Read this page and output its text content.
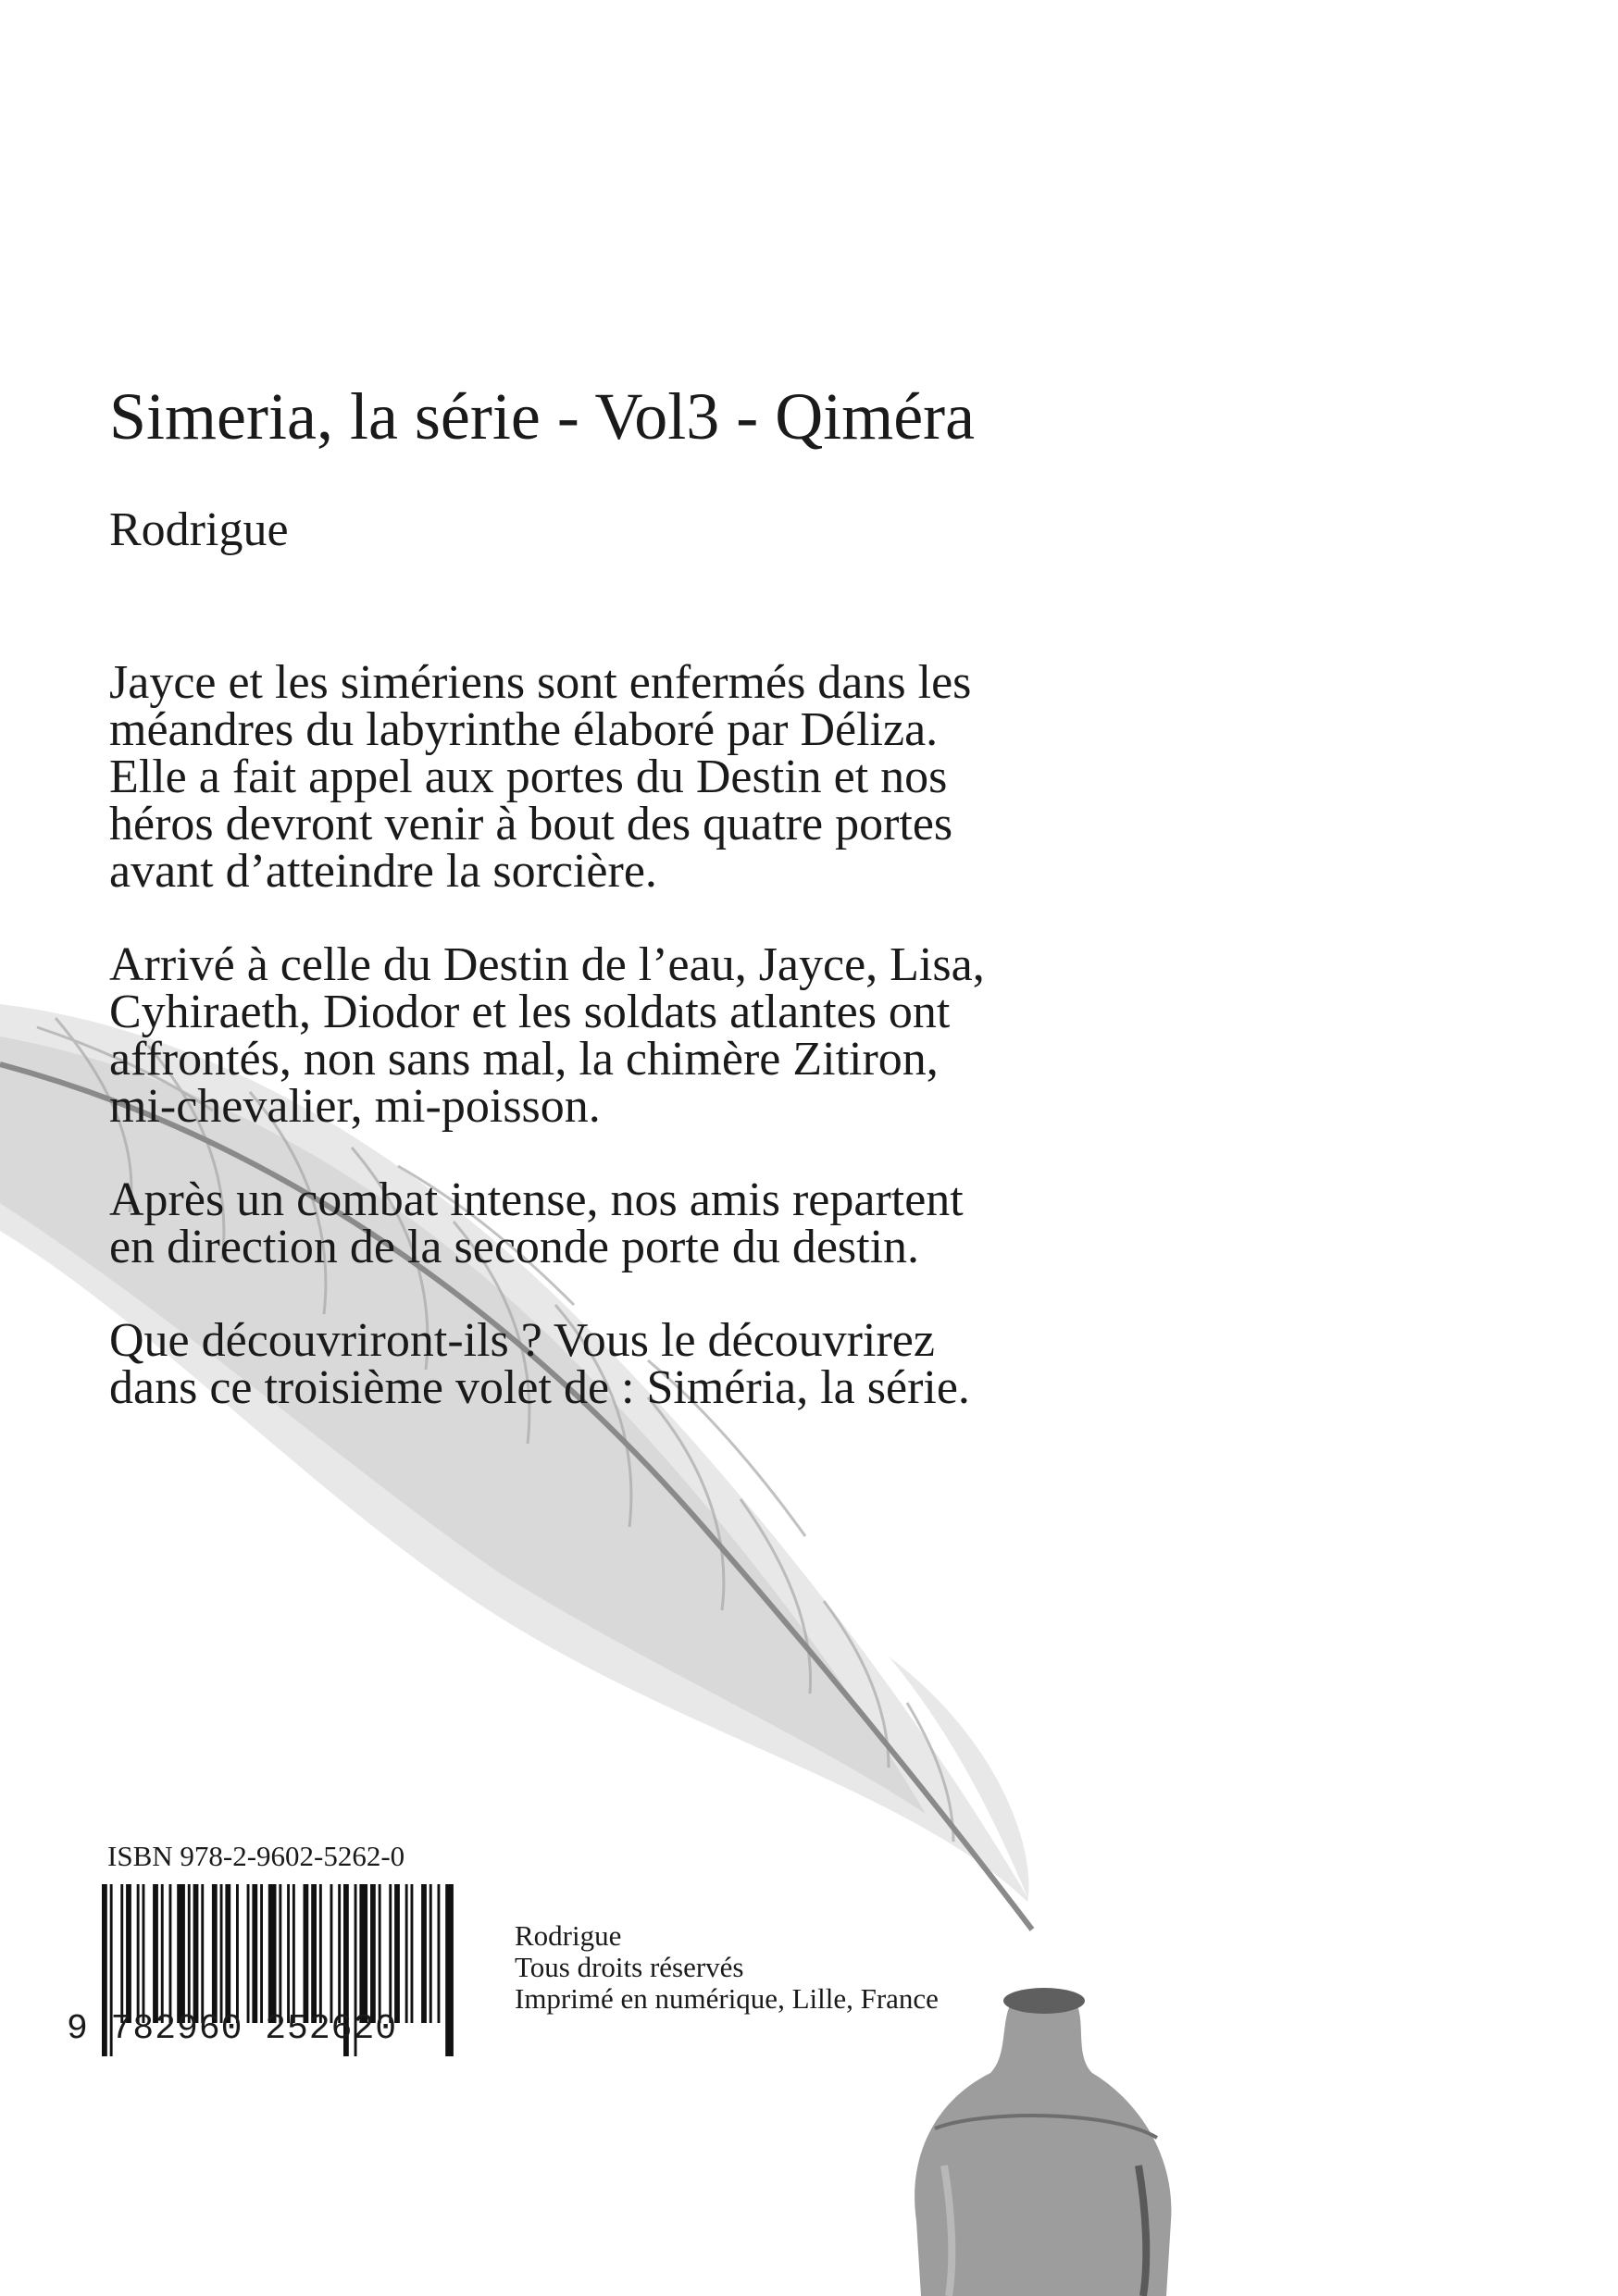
Simeria, la série - Vol3 - Qiméra
Rodrigue

Jayce et les simériens sont enfermés dans les
méandres du labyrinthe élaboré par Déliza.
Elle a fait appel aux portes du Destin et nos
héros devront venir à bout des quatre portes
avant d’atteindre la sorcière.

Arrivé à celle du Destin de l’eau, Jayce, Lisa,
Cyhiraeth, Diodor et les soldats atlantes ont
affrontés, non sans mal, la chimère Zitiron,
mi-chevalier, mi-poisson.

Après un combat intense, nos amis repartent
en direction de la seconde porte du destin.

Que découvriront-ils ? Vous le découvrirez
dans ce troisième volet de : Siméria, la série.

ISBN 978-2-9602-5262-0
9 782960 252620
Rodrigue
Tous droits réservés
Imprimé en numérique, Lille, France
